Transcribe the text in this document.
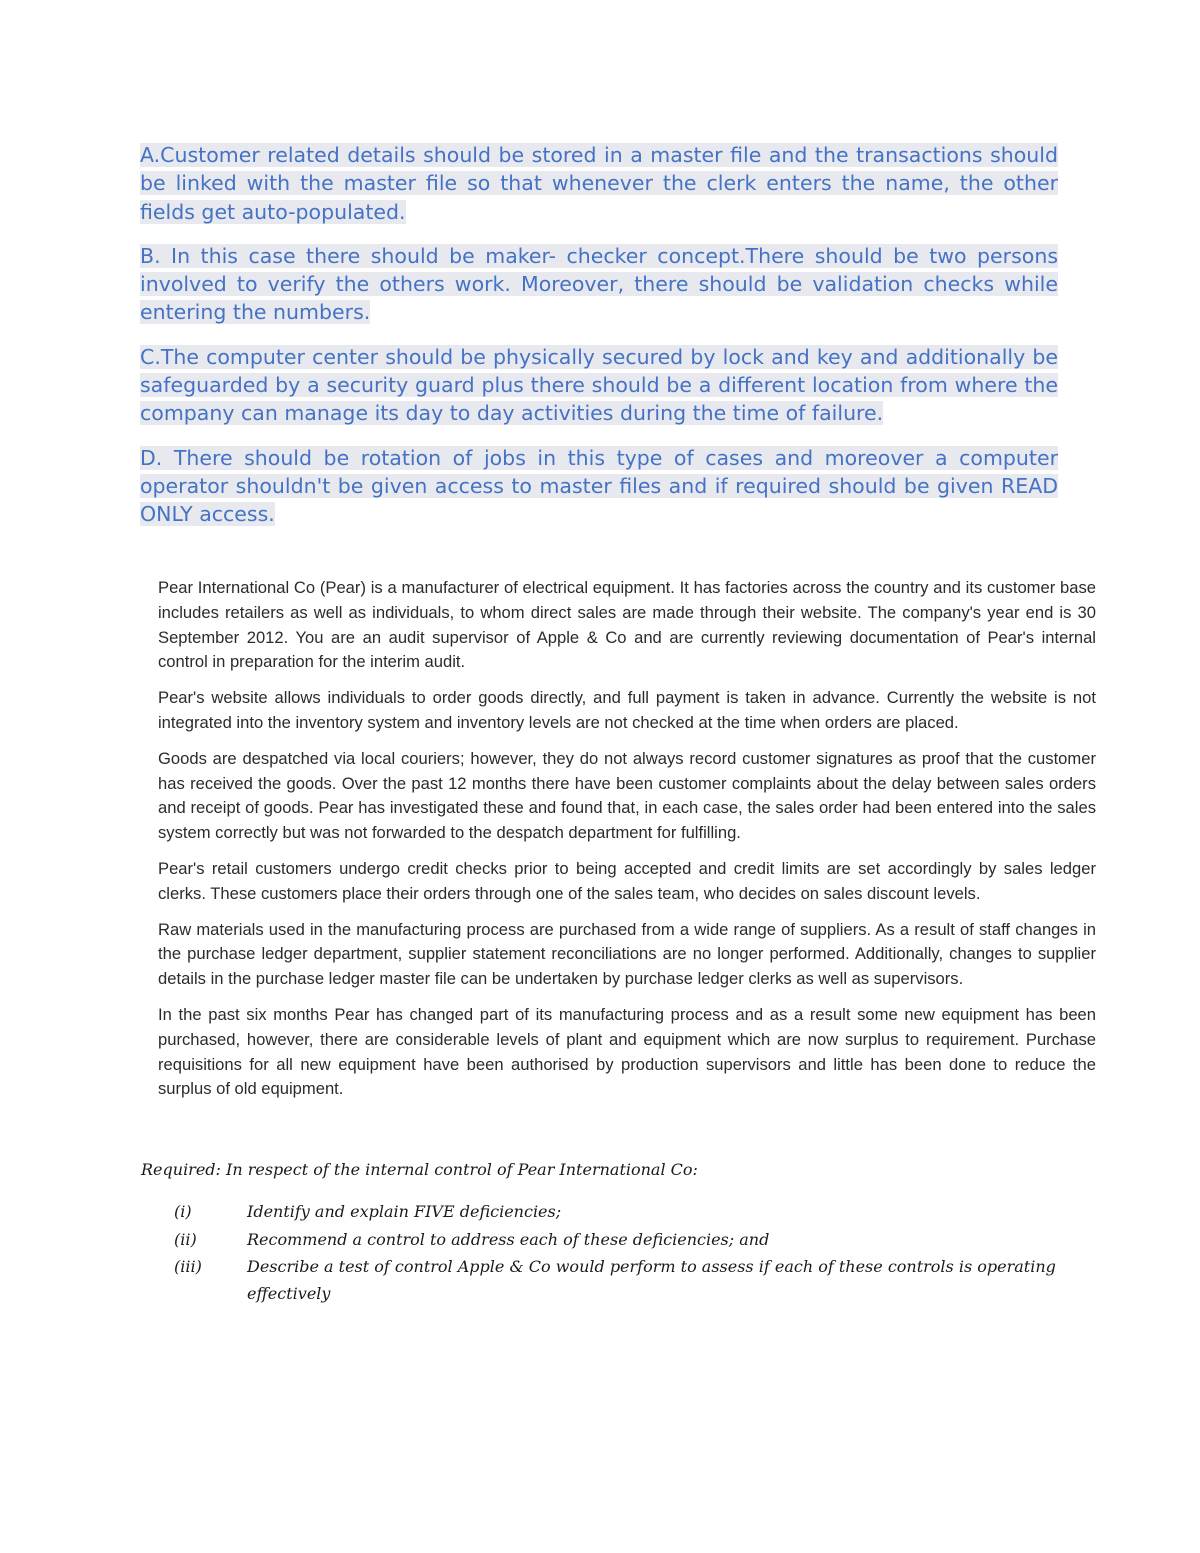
A.Customer related details should be stored in a master file and the transactions should be linked with the master file so that whenever the clerk enters the name, the other fields get auto-populated.

B. In this case there should be maker- checker concept.There should be two persons involved to verify the others work. Moreover, there should be validation checks while entering the numbers.

C.The computer center should be physically secured by lock and key and additionally be safeguarded by a security guard plus there should be a different location from where the company can manage its day to day activities during the time of failure.

D. There should be rotation of jobs in this type of cases and moreover a computer operator shouldn't be given access to master files and if required should be given READ ONLY access.

Pear International Co (Pear) is a manufacturer of electrical equipment. It has factories across the country and its customer base includes retailers as well as individuals, to whom direct sales are made through their website. The company's year end is 30 September 2012. You are an audit supervisor of Apple & Co and are currently reviewing documentation of Pear's internal control in preparation for the interim audit.

Pear's website allows individuals to order goods directly, and full payment is taken in advance. Currently the website is not integrated into the inventory system and inventory levels are not checked at the time when orders are placed.

Goods are despatched via local couriers; however, they do not always record customer signatures as proof that the customer has received the goods. Over the past 12 months there have been customer complaints about the delay between sales orders and receipt of goods. Pear has investigated these and found that, in each case, the sales order had been entered into the sales system correctly but was not forwarded to the despatch department for fulfilling.

Pear's retail customers undergo credit checks prior to being accepted and credit limits are set accordingly by sales ledger clerks. These customers place their orders through one of the sales team, who decides on sales discount levels.

Raw materials used in the manufacturing process are purchased from a wide range of suppliers. As a result of staff changes in the purchase ledger department, supplier statement reconciliations are no longer performed. Additionally, changes to supplier details in the purchase ledger master file can be undertaken by purchase ledger clerks as well as supervisors.

In the past six months Pear has changed part of its manufacturing process and as a result some new equipment has been purchased, however, there are considerable levels of plant and equipment which are now surplus to requirement. Purchase requisitions for all new equipment have been authorised by production supervisors and little has been done to reduce the surplus of old equipment.

Required: In respect of the internal control of Pear International Co:
(i)	Identify and explain FIVE deficiencies;
(ii)	Recommend a control to address each of these deficiencies; and
(iii)	Describe a test of control Apple & Co would perform to assess if each of these controls is operating effectively
